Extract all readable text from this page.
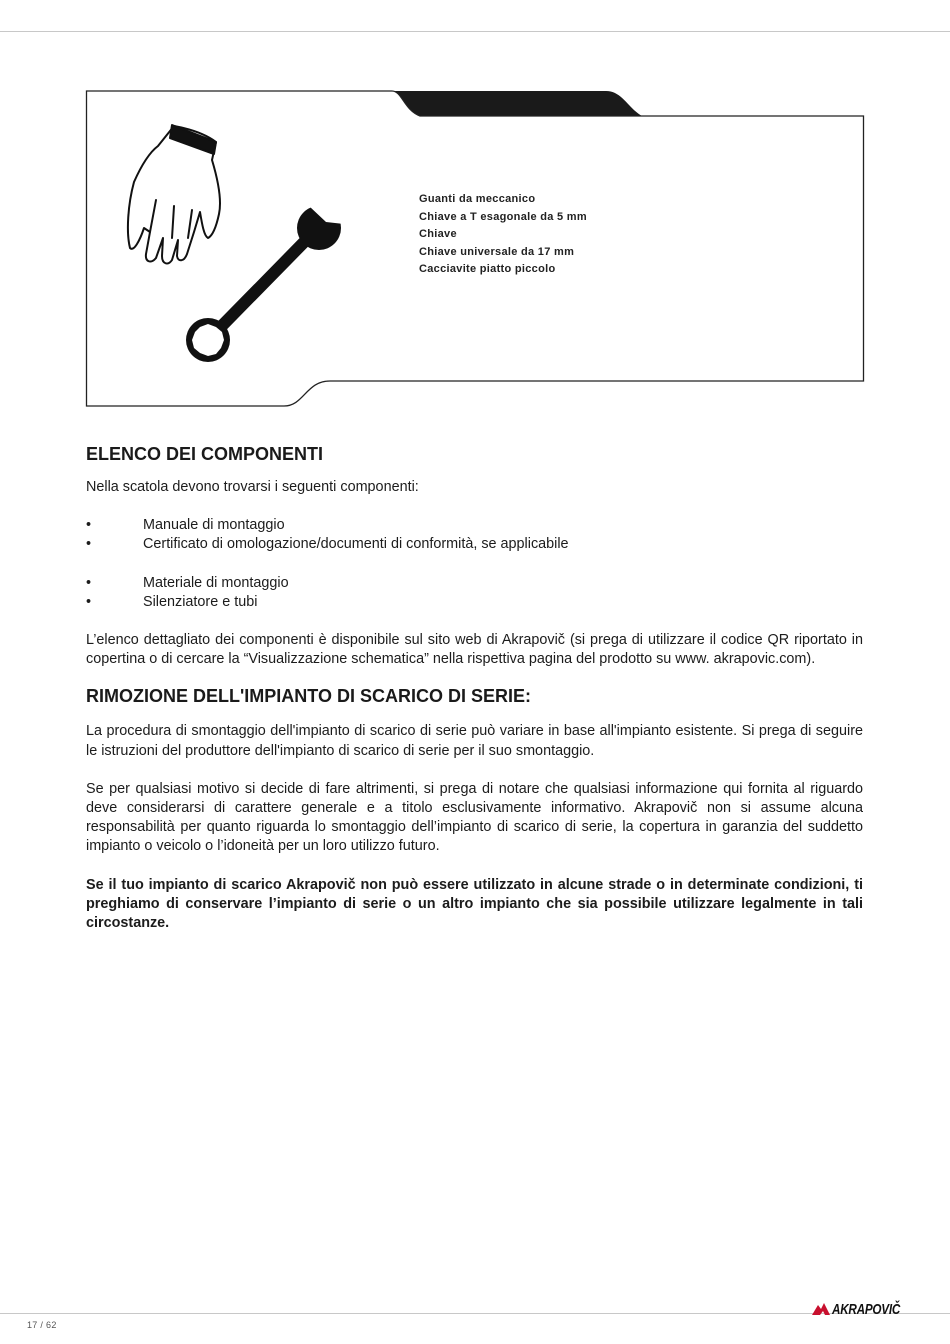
Guanti da meccanico
Chiave a T esagonale da 5 mm
Chiave
Chiave universale da 17 mm
Cacciavite piatto piccolo
ELENCO DEI COMPONENTI

Nella scatola devono trovarsi i seguenti componenti:

•	Manuale di montaggio
•	Certificato di omologazione/documenti di conformità, se applicabile
•	Materiale di montaggio
•	Silenziatore e tubi

L’elenco dettagliato dei componenti è disponibile sul sito web di Akrapovič (si prega di utilizzare il codice QR riportato in copertina o di cercare la “Visualizzazione schematica” nella rispettiva pagina del prodotto su www. akrapovic.com).

RIMOZIONE DELL'IMPIANTO DI SCARICO DI SERIE:

La procedura di smontaggio dell'impianto di scarico di serie può variare in base all'impianto esistente. Si prega di seguire le istruzioni del produttore dell'impianto di scarico di serie per il suo smontaggio.

Se per qualsiasi motivo si decide di fare altrimenti, si prega di notare che qualsiasi informazione qui fornita al riguardo deve considerarsi di carattere generale e a titolo esclusivamente informativo. Akrapovič non si assume alcuna responsabilità per quanto riguarda lo smontaggio dell’impianto di scarico di serie, la copertura in garanzia del suddetto impianto o veicolo o l’idoneità per un loro utilizzo futuro.

Se il tuo impianto di scarico Akrapovič non può essere utilizzato in alcune strade o in determinate condizioni, ti preghiamo di conservare l’impianto di serie o un altro impianto che sia possibile utilizzare legalmente in tali circostanze.

17 / 62
AKRAPOVIČ
